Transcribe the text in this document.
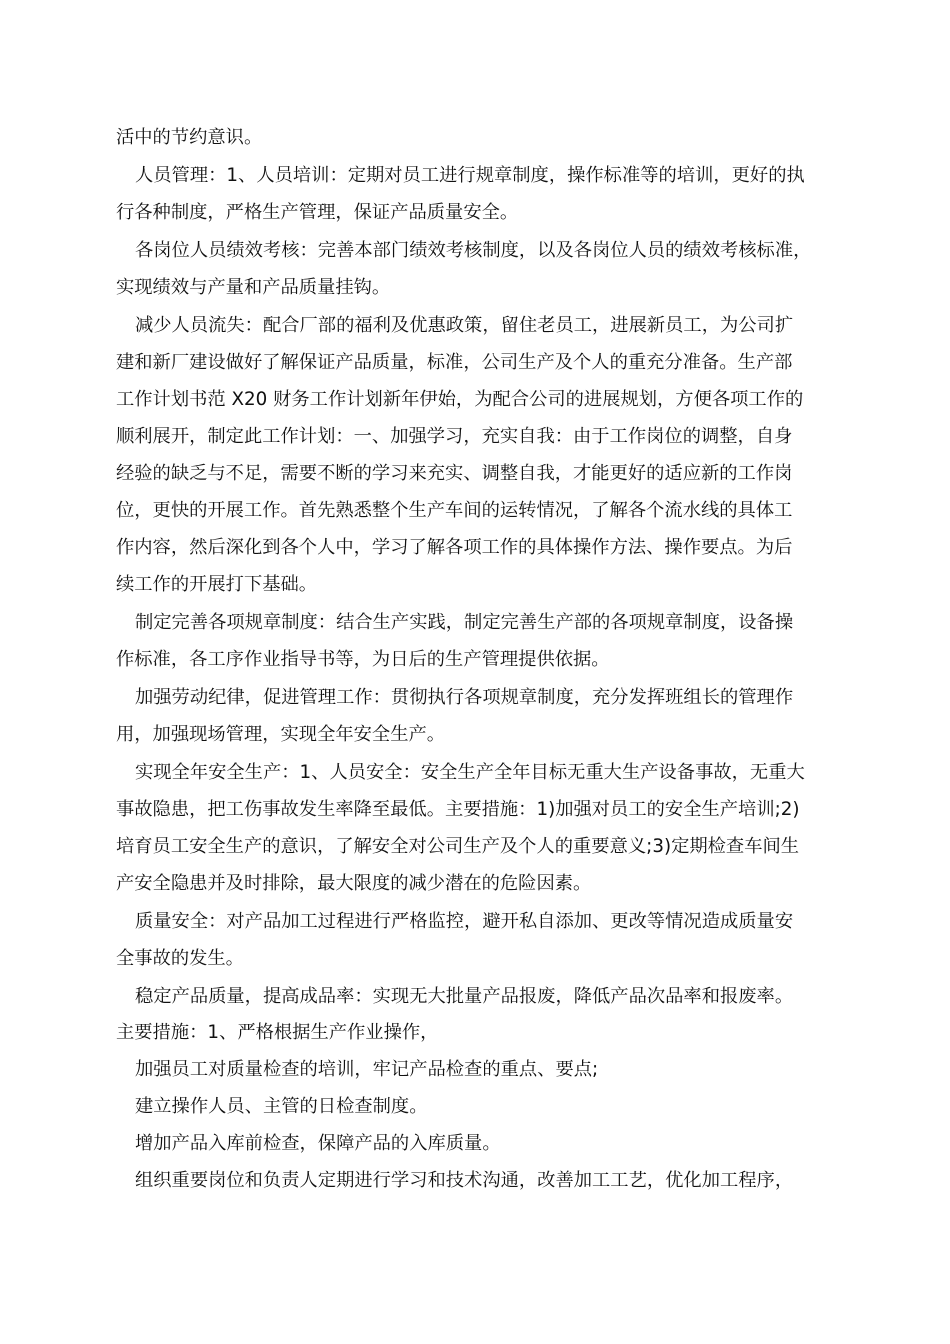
活中的节约意识。
人员管理：1、人员培训：定期对员工进行规章制度，操作标准等的培训，更好的执
行各种制度，严格生产管理，保证产品质量安全。
各岗位人员绩效考核：完善本部门绩效考核制度，以及各岗位人员的绩效考核标准，
实现绩效与产量和产品质量挂钩。
减少人员流失：配合厂部的福利及优惠政策，留住老员工，进展新员工，为公司扩
建和新厂建设做好了解保证产品质量，标准，公司生产及个人的重充分准备。生产部
工作计划书范 X20 财务工作计划新年伊始，为配合公司的进展规划，方便各项工作的
顺利展开，制定此工作计划：一、加强学习，充实自我：由于工作岗位的调整，自身
经验的缺乏与不足，需要不断的学习来充实、调整自我，才能更好的适应新的工作岗
位，更快的开展工作。首先熟悉整个生产车间的运转情况，了解各个流水线的具体工
作内容，然后深化到各个人中，学习了解各项工作的具体操作方法、操作要点。为后
续工作的开展打下基础。
制定完善各项规章制度：结合生产实践，制定完善生产部的各项规章制度，设备操
作标准，各工序作业指导书等，为日后的生产管理提供依据。
加强劳动纪律，促进管理工作：贯彻执行各项规章制度，充分发挥班组长的管理作
用，加强现场管理，实现全年安全生产。
实现全年安全生产：1、人员安全：安全生产全年目标无重大生产设备事故，无重大
事故隐患，把工伤事故发生率降至最低。主要措施：1)加强对员工的安全生产培训;2)
培育员工安全生产的意识，了解安全对公司生产及个人的重要意义;3)定期检查车间生
产安全隐患并及时排除，最大限度的减少潜在的危险因素。
质量安全：对产品加工过程进行严格监控，避开私自添加、更改等情况造成质量安
全事故的发生。
稳定产品质量，提高成品率：实现无大批量产品报废，降低产品次品率和报废率。
主要措施：1、严格根据生产作业操作，
加强员工对质量检查的培训，牢记产品检查的重点、要点;
建立操作人员、主管的日检查制度。
增加产品入库前检查，保障产品的入库质量。
组织重要岗位和负责人定期进行学习和技术沟通，改善加工工艺，优化加工程序，
